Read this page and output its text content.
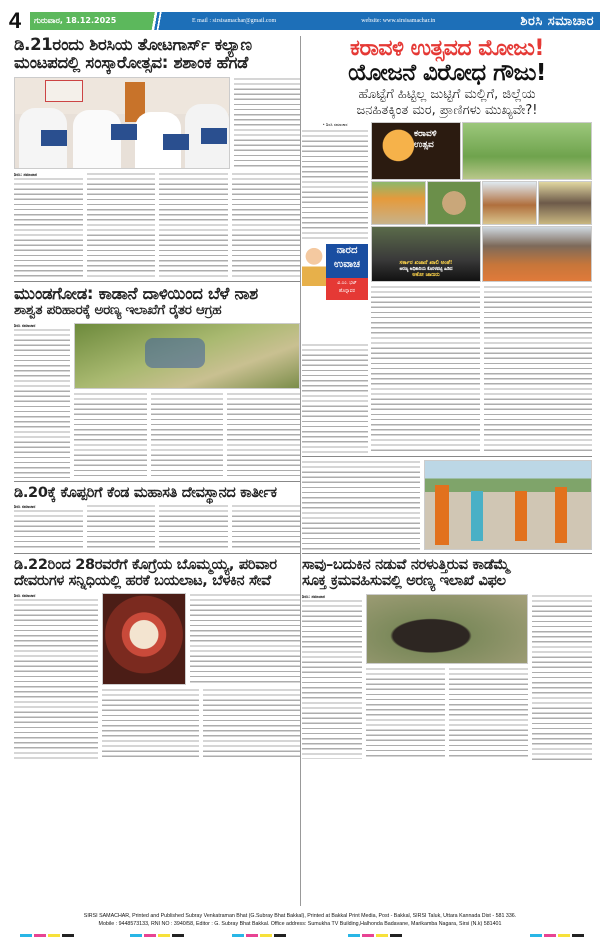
4	ಗುರುವಾರ, 18.12.2025	E mail : sirsisamachar@gmail.com	website: www.sirsisamachar.in	ಶಿರಸಿ ಸಮಾಚಾರ
ಡಿ.21ರಂದು ಶಿರಸಿಯ ತೋಟಗಾರ್ಸ್ ಕಲ್ಯಾಣ
ಮಂಟಪದಲ್ಲಿ ಸಂಸ್ಕಾರೋತ್ಸವ: ಶಶಾಂಕ ಹೆಗಡೆ
ಶಿರಸಿ: ಸಮಾಚಾರ
ಮುಂಡಗೋಡ: ಕಾಡಾನೆ ದಾಳಿಯಿಂದ ಬೆಳೆ ನಾಶ
ಶಾಶ್ವತ ಪರಿಹಾರಕ್ಕೆ ಅರಣ್ಯ ಇಲಾಖೆಗೆ ರೈತರ ಆಗ್ರಹ
ಶಿರಸಿ ಸಮಾಚಾರ
ಡಿ.20ಕ್ಕೆ ಕೊಪ್ಪರಿಗೆ ಕೆಂಡ ಮಹಾಸತಿ ದೇವಸ್ಥಾನದ ಕಾರ್ತೀಕ
ಶಿರಸಿ ಸಮಾಚಾರ
ಡಿ.22ರಿಂದ 28ರವರೆಗೆ ಕೊಗ್ರೆಯ ಬೊಮ್ಮಯ್ಯ, ಪರಿವಾರ
ದೇವರುಗಳ ಸನ್ನಿಧಿಯಲ್ಲಿ ಹರಕೆ ಬಯಲಾಟ, ಬೆಳಕಿನ ಸೇವೆ
ಶಿರಸಿ ಸಮಾಚಾರ
ಕರಾವಳಿ ಉತ್ಸವದ ಮೋಜು!
ಯೋಜನೆ ವಿರೋಧ ಗೌಜು!
ಹೊಟ್ಟೆಗೆ ಹಿಟ್ಟಿಲ್ಲ ಜುಟ್ಟಿಗೆ ಮಲ್ಲಿಗೆ, ಜಿಲ್ಲೆಯ
ಜನಹಿತಕ್ಕಿಂತ ಮರ, ಪ್ರಾಣಿಗಳು ಮುಖ್ಯವೇ?!
• ಶಿರಸಿ ಸಮಾಚಾರ
ನಾರದ
ಉವಾಚ
ವಿ.ಎಂ. ಭಟ್
ಹೊನ್ನಾವರ
ಕರಾವಳಿ ಉತ್ಸವ
ಸರ್ಕಾರ ಖಜಾನೆ ಖಾಲಿ ಅಂತೆ!
ಅರಣ್ಯ ಅಧಿಕಾರಿಯ ಕೊರಳಪಟ್ಟಿ ಹಿಡಿದ
ಅಕೋ ಜಾಣರು
ಸಾವು–ಬದುಕಿನ ನಡುವೆ ನರಳುತ್ತಿರುವ ಕಾಡೆಮ್ಮೆ
ಸೂಕ್ತ ಕ್ರಮವಹಿಸುವಲ್ಲಿ ಅರಣ್ಯ ಇಲಾಖೆ ವಿಫಲ
ಶಿರಸಿ: ಸಮಾಚಾರ
SIRSI SAMACHAR, Printed and Published Subray Venkatraman Bhat (G.Subray Bhat Bakkal), Printed at Bakkal Print Media, Post - Bakkal, SIRSI Taluk, Uttara Kannada Dist - 581 336.
Mobile : 9448573133, RNI NO : 3940/58, Editor : G. Subray Bhat Bakkal. Office address: Sumukha TV Building,Halhonda Badavane, Marikamba Nagara, Sirsi (N.k) 581401
